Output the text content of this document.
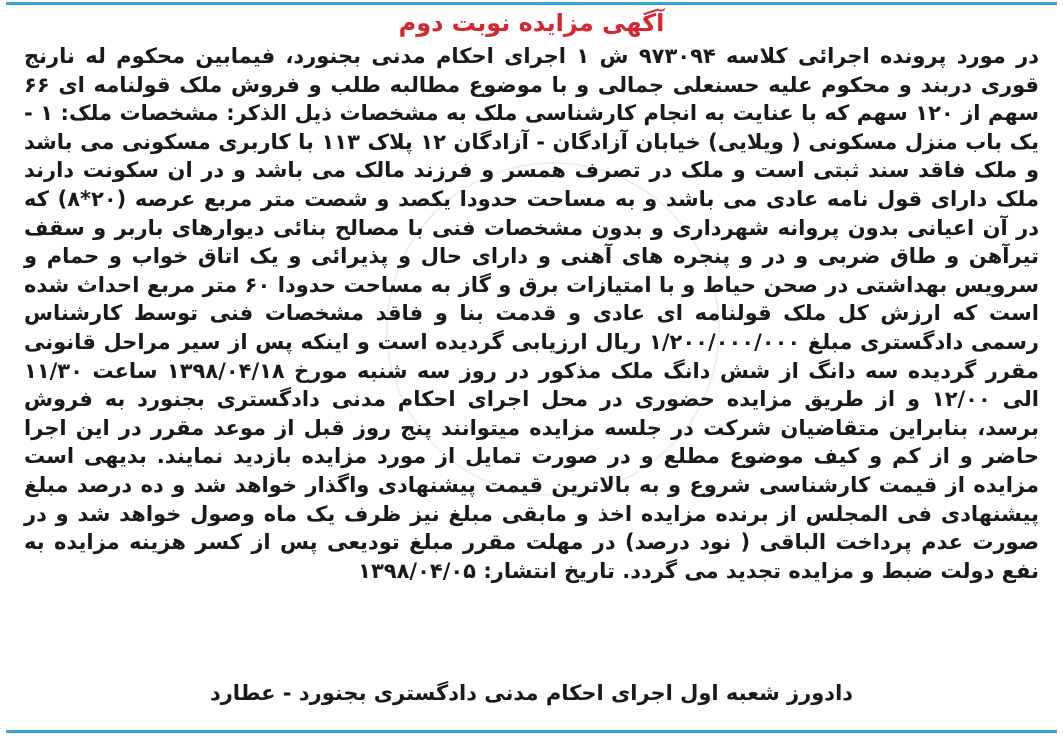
آگهی مزایده نوبت دوم

در مورد پرونده اجرائی کلاسه ۹۷۳۰۹۴ ش ۱ اجرای احکام مدنی بجنورد، فیمابین محکوم له نارنج قوری دربند و محکوم علیه حسنعلی جمالی و با موضوع مطالبه طلب و فروش ملک قولنامه ای ۶۶ سهم از ۱۲۰ سهم که با عنایت به انجام کارشناسی ملک به مشخصات ذیل الذکر: مشخصات ملک: ۱ - یک باب منزل مسکونی ( ویلایی) خیابان آزادگان - آزادگان ۱۲ پلاک ۱۱۳ با کاربری مسکونی می باشد و ملک فاقد سند ثبتی است و ملک در تصرف همسر و فرزند مالک می باشد و در ان سکونت دارند ملک دارای قول نامه عادی می باشد و به مساحت حدودا یکصد و شصت متر مربع عرصه (۲۰*۸) که در آن اعیانی بدون پروانه شهرداری و بدون مشخصات فنی با مصالح بنائی دیوارهای باربر و سقف تیرآهن و طاق ضربی و در و پنجره های آهنی و دارای حال و پذیرائی و یک اتاق خواب و حمام و سرویس بهداشتی در صحن حیاط و با امتیازات برق و گاز به مساحت حدودا ۶۰ متر مربع احداث شده است که ارزش کل ملک قولنامه ای عادی و قدمت بنا و فاقد مشخصات فنی توسط کارشناس رسمی دادگستری مبلغ ۱/۲۰۰/۰۰۰/۰۰۰ ریال ارزیابی گردیده است و اینکه پس از سیر مراحل قانونی مقرر گردیده سه دانگ از شش دانگ ملک مذکور در روز سه شنبه مورخ ۱۳۹۸/۰۴/۱۸ ساعت ۱۱/۳۰ الی ۱۲/۰۰ و از طریق مزایده حضوری در محل اجرای احکام مدنی دادگستری بجنورد به فروش برسد، بنابراین متقاضیان شرکت در جلسه مزایده میتوانند پنج روز قبل از موعد مقرر در این اجرا حاضر و از کم و کیف موضوع مطلع و در صورت تمایل از مورد مزایده بازدید نمایند. بدیهی است مزایده از قیمت کارشناسی شروع و به بالاترین قیمت پیشنهادی واگذار خواهد شد و ده درصد مبلغ پیشنهادی فی المجلس از برنده مزایده اخذ و مابقی مبلغ نیز ظرف یک ماه وصول خواهد شد و در صورت عدم پرداخت الباقی ( نود درصد) در مهلت مقرر مبلغ تودیعی پس از کسر هزینه مزایده به نفع دولت ضبط و مزایده تجدید می گردد. تاریخ انتشار: ۱۳۹۸/۰۴/۰۵

دادورز شعبه اول اجرای احکام مدنی دادگستری بجنورد - عطارد
